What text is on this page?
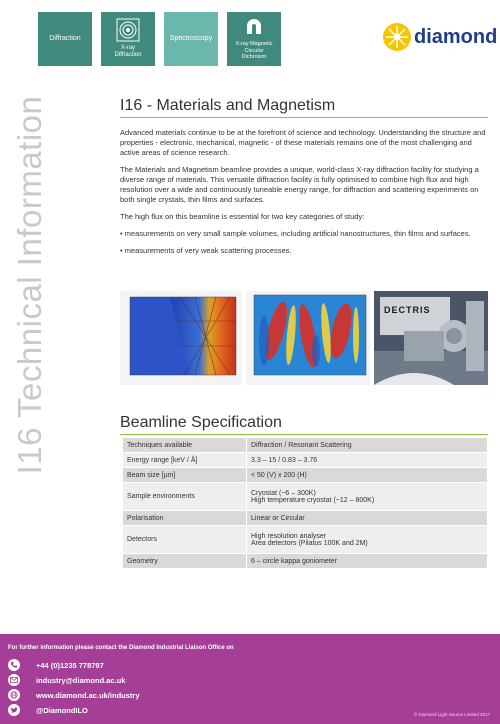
I16 Technical Information
Diffraction
X-ray
Diffraction
Spectroscopy
X-ray Magnetic
Circular
Dichroism
diamond
I16 - Materials and Magnetism

Advanced materials continue to be at the forefront of science and technology. Understanding the structure and properties - electronic, mechanical, magnetic - of these materials remains one of the most challenging and active areas of science research.

The Materials and Magnetism beamline provides a unique, world-class X-ray diffraction facility for studying a diverse range of materials. This versatile diffraction facility is fully optimised to combine high flux and high resolution over a wide and continuously tuneable energy range, for diffraction and scattering experiments on both single crystals, thin films and surfaces.

The high flux on this beamline is essential for two key categories of study:

• measurements on very small sample volumes, including artificial nanostructures, thin films and surfaces.

• measurements of very weak scattering processes.

DECTRIS
Beamline Specification
Techniques available	Diffraction / Resonant Scattering
Energy range [keV / Å]	3.3 – 15 / 0.83 – 3.76
Beam size [µm]	< 50 (V) x 200 (H)
Sample environments	Cryostat (~6 – 300K)
High temperature cryostat (~12 – 800K)

Polarisation	Linear or Circular
Detectors	High resolution analyser
Area detectors (Pilatus 100K and 2M)

Geometry	6 – circle kappa goniometer
For further information please contact the Diamond Industrial Liaison Office on
+44 (0)1235 778797
industry@diamond.ac.uk
www.diamond.ac.uk/industry
@DiamondILO	© Diamond Light Source Limited 2017
